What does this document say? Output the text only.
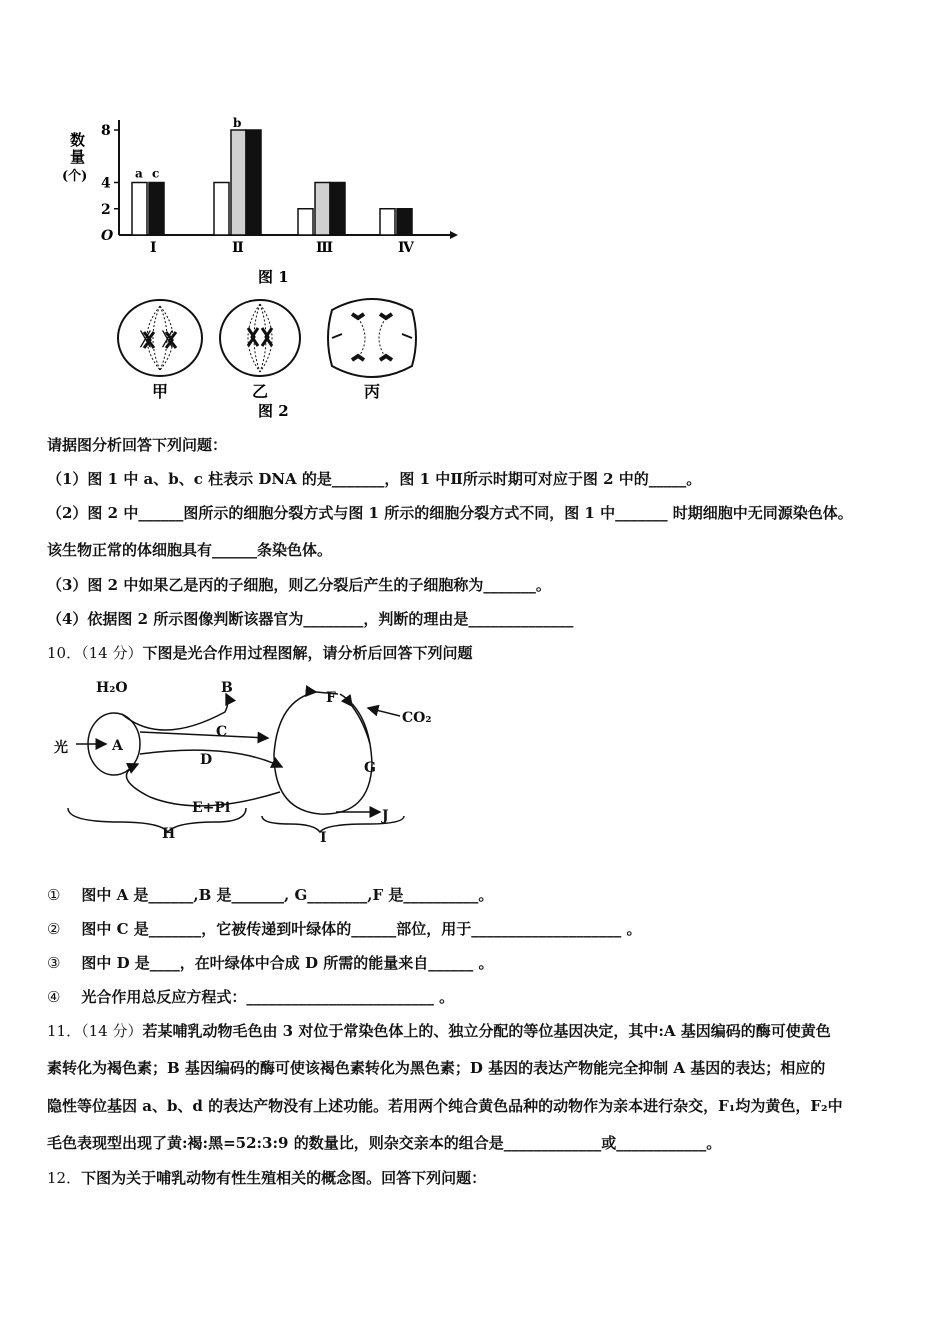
数
量
(个)
8
4
2
O
Ⅰ	Ⅱ	Ⅲ	Ⅳ
a c
b
图 1
ᚷ ᚷ
甲	乙	丙
图 2
请据图分析回答下列问题：
（1）图 1 中 a、b、c 柱表示 DNA 的是_______，图 1 中Ⅱ所示时期可对应于图 2 中的_____。
（2）图 2 中______图所示的细胞分裂方式与图 1 所示的细胞分裂方式不同，图 1 中_______ 时期细胞中无同源染色体。
该生物正常的体细胞具有______条染色体。
（3）图 2 中如果乙是丙的子细胞，则乙分裂后产生的子细胞称为_______。
（4）依据图 2 所示图像判断该器官为________，判断的理由是______________
10．（14 分）下图是光合作用过程图解，请分析后回答下列问题
H₂O	B
光	A
C
D
E+Pi
H
F
CO₂
G
J
I
① 图中 A 是______,B 是_______, G________,F 是__________。
② 图中 C 是_______，它被传递到叶绿体的______部位，用于____________________ 。
③ 图中 D 是____，在叶绿体中合成 D 所需的能量来自______ 。
④ 光合作用总反应方程式：_________________________ 。
11．（14 分）若某哺乳动物毛色由 3 对位于常染色体上的、独立分配的等位基因决定，其中:A 基因编码的酶可使黄色
素转化为褐色素；B 基因编码的酶可使该褐色素转化为黑色素；D 基因的表达产物能完全抑制 A 基因的表达；相应的
隐性等位基因 a、b、d 的表达产物没有上述功能。若用两个纯合黄色品种的动物作为亲本进行杂交，F₁均为黄色，F₂中
毛色表现型出现了黄:褐:黑=52:3:9 的数量比，则杂交亲本的组合是_____________或____________。
12．下图为关于哺乳动物有性生殖相关的概念图。回答下列问题：
